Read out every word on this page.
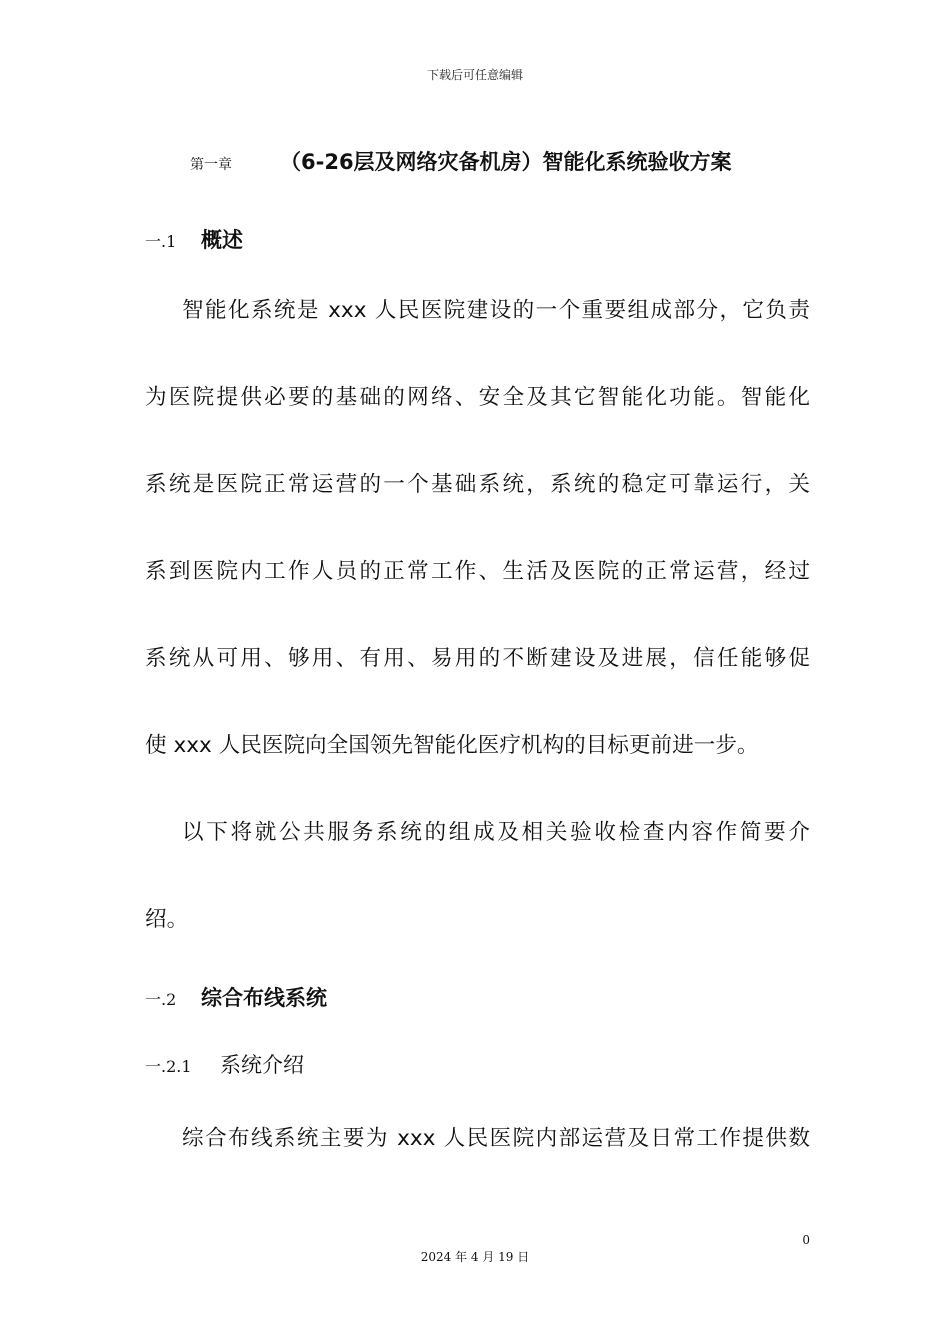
下载后可任意编辑
第一章 （6-26层及网络灾备机房）智能化系统验收方案
一.1 概述
智能化系统是 xxx 人民医院建设的一个重要组成部分，它负责
为医院提供必要的基础的网络、安全及其它智能化功能。智能化
系统是医院正常运营的一个基础系统，系统的稳定可靠运行，关
系到医院内工作人员的正常工作、生活及医院的正常运营，经过
系统从可用、够用、有用、易用的不断建设及进展，信任能够促
使 xxx 人民医院向全国领先智能化医疗机构的目标更前进一步。
以下将就公共服务系统的组成及相关验收检查内容作简要介
绍。
一.2 综合布线系统
一.2.1 系统介绍
综合布线系统主要为 xxx 人民医院内部运营及日常工作提供数
0
2024 年 4 月 19 日
